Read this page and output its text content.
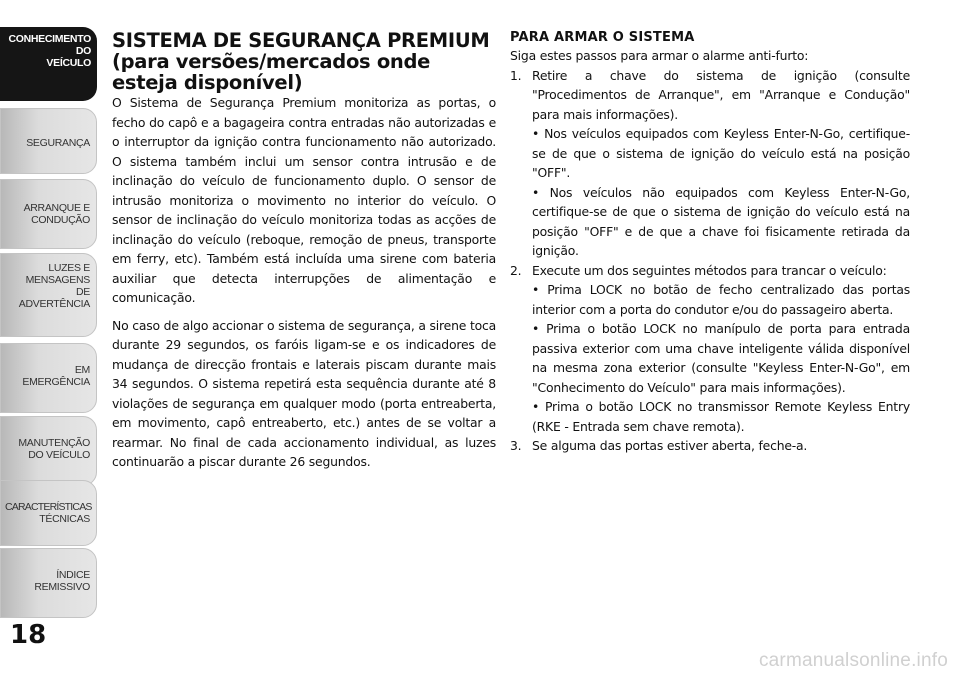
CONHECIMENTO
DO
VEÍCULO
SEGURANÇA
ARRANQUE E
CONDUÇÃO
LUZES E
MENSAGENS
DE
ADVERTÊNCIA
EM
EMERGÊNCIA
MANUTENÇÃO
DO VEÍCULO
CARACTERÍSTICAS
TÉCNICAS
ÍNDICE
REMISSIVO
18
SISTEMA DE SEGURANÇA PREMIUM (para versões/mercados onde esteja disponível)

O Sistema de Segurança Premium monitoriza as portas, o fecho do capô e a bagageira contra entradas não autorizadas e o interruptor da ignição contra funcionamento não autorizado. O sistema também inclui um sensor contra intrusão e de inclinação do veículo de funcionamento duplo. O sensor de intrusão monitoriza o movimento no interior do veículo. O sensor de inclinação do veículo monitoriza todas as acções de inclinação do veículo (reboque, remoção de pneus, transporte em ferry, etc). Também está incluída uma sirene com bateria auxiliar que detecta interrupções de alimentação e comunicação.

No caso de algo accionar o sistema de segurança, a sirene toca durante 29 segundos, os faróis ligam-se e os indicadores de mudança de direcção frontais e laterais piscam durante mais 34 segundos. O sistema repetirá esta sequência durante até 8 violações de segurança em qualquer modo (porta entreaberta, em movimento, capô entreaberto, etc.) antes de se voltar a rearmar. No final de cada accionamento individual, as luzes continuarão a piscar durante 26 segundos.

PARA ARMAR O SISTEMA
Siga estes passos para armar o alarme anti-furto:
1. Retire a chave do sistema de ignição (consulte "Procedimentos de Arranque", em "Arranque e Condução" para mais informações).
• Nos veículos equipados com Keyless Enter-N-Go, certifique-se de que o sistema de ignição do veículo está na posição "OFF".
• Nos veículos não equipados com Keyless Enter-N-Go, certifique-se de que o sistema de ignição do veículo está na posição "OFF" e de que a chave foi fisicamente retirada da ignição.
2. Execute um dos seguintes métodos para trancar o veículo:
• Prima LOCK no botão de fecho centralizado das portas interior com a porta do condutor e/ou do passageiro aberta.
• Prima o botão LOCK no manípulo de porta para entrada passiva exterior com uma chave inteligente válida disponível na mesma zona exterior (consulte "Keyless Enter-N-Go", em "Conhecimento do Veículo" para mais informações).
• Prima o botão LOCK no transmissor Remote Keyless Entry (RKE - Entrada sem chave remota).
3. Se alguma das portas estiver aberta, feche-a.
carmanualsonline.info
